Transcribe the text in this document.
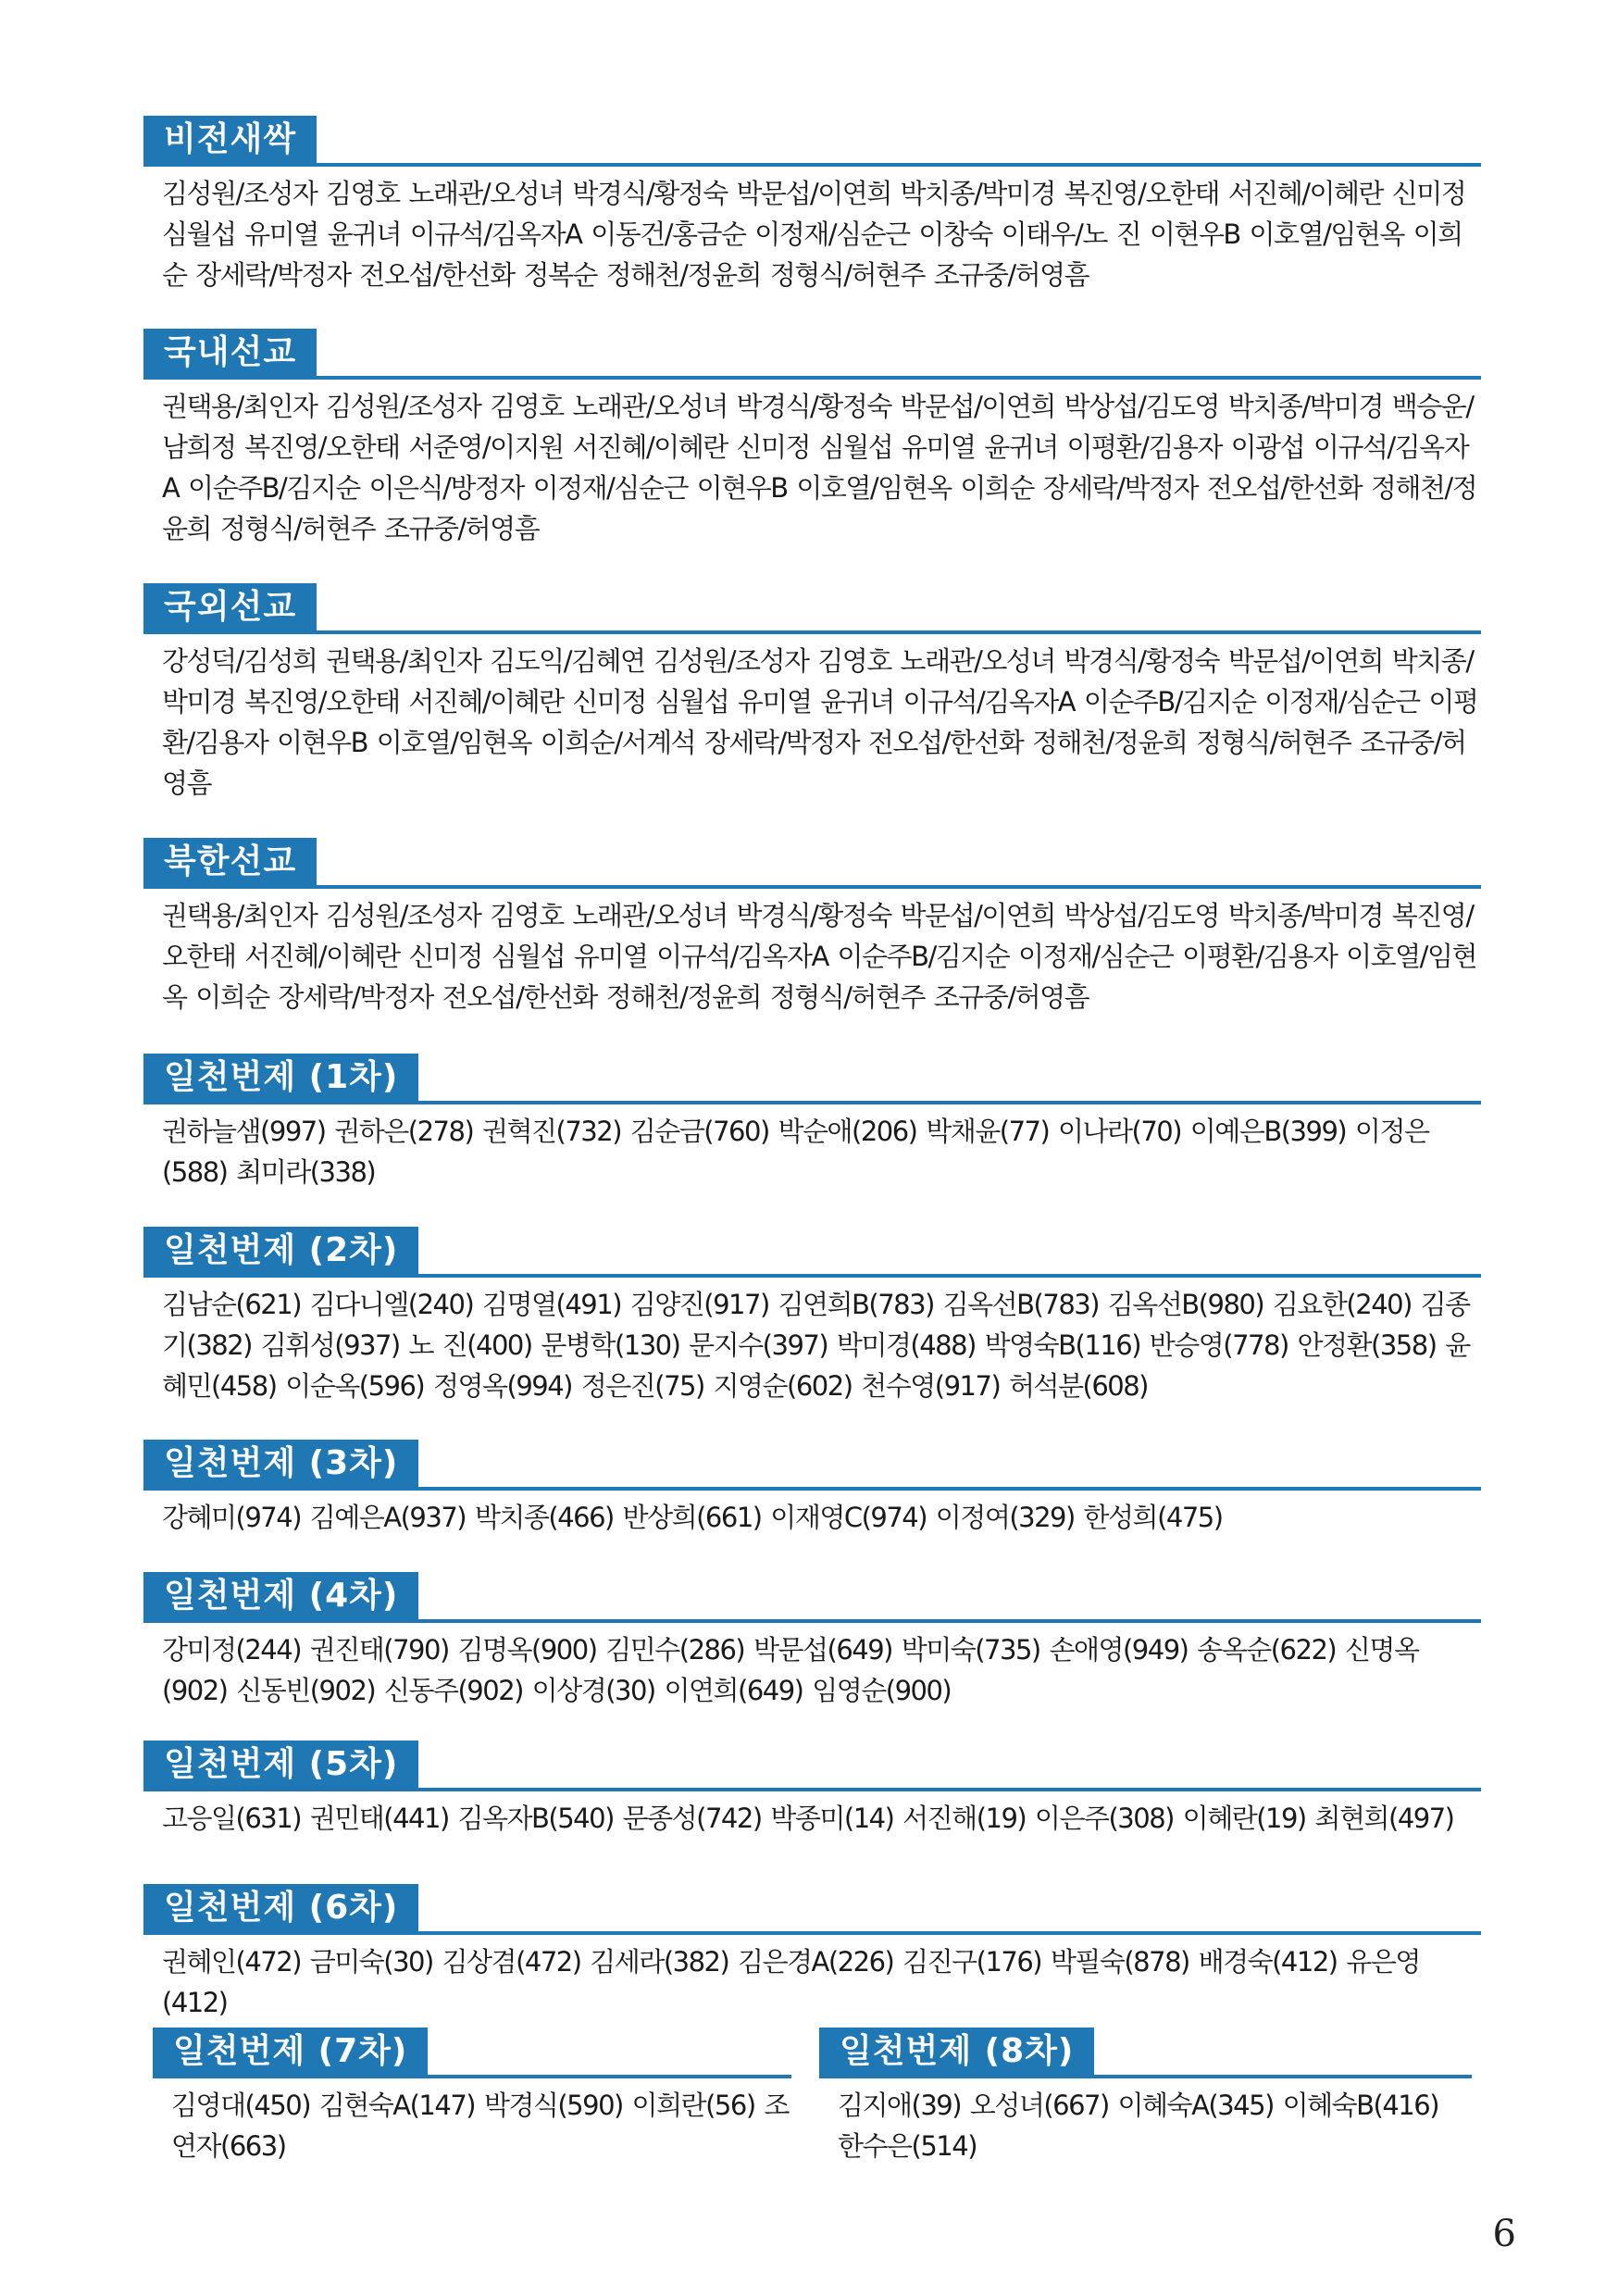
비전새싹
김성원/조성자 김영호 노래관/오성녀 박경식/황정숙 박문섭/이연희 박치종/박미경 복진영/오한태 서진혜/이혜란 신미정 심월섭 유미열 윤귀녀 이규석/김옥자A 이동건/홍금순 이정재/심순근 이창숙 이태우/노 진 이현우B 이호열/임현옥 이희순 장세락/박정자 전오섭/한선화 정복순 정해천/정윤희 정형식/허현주 조규중/허영흠
국내선교
권택용/최인자 김성원/조성자 김영호 노래관/오성녀 박경식/황정숙 박문섭/이연희 박상섭/김도영 박치종/박미경 백승운/남희정 복진영/오한태 서준영/이지원 서진혜/이혜란 신미정 심월섭 유미열 윤귀녀 이평환/김용자 이광섭 이규석/김옥자A 이순주B/김지순 이은식/방정자 이정재/심순근 이현우B 이호열/임현옥 이희순 장세락/박정자 전오섭/한선화 정해천/정윤희 정형식/허현주 조규중/허영흠
국외선교
강성덕/김성희 권택용/최인자 김도익/김혜연 김성원/조성자 김영호 노래관/오성녀 박경식/황정숙 박문섭/이연희 박치종/박미경 복진영/오한태 서진혜/이혜란 신미정 심월섭 유미열 윤귀녀 이규석/김옥자A 이순주B/김지순 이정재/심순근 이평환/김용자 이현우B 이호열/임현옥 이희순/서계석 장세락/박정자 전오섭/한선화 정해천/정윤희 정형식/허현주 조규중/허영흠
북한선교
권택용/최인자 김성원/조성자 김영호 노래관/오성녀 박경식/황정숙 박문섭/이연희 박상섭/김도영 박치종/박미경 복진영/오한태 서진혜/이혜란 신미정 심월섭 유미열 이규석/김옥자A 이순주B/김지순 이정재/심순근 이평환/김용자 이호열/임현옥 이희순 장세락/박정자 전오섭/한선화 정해천/정윤희 정형식/허현주 조규중/허영흠
일천번제 (1차)
권하늘샘(997) 권하은(278) 권혁진(732) 김순금(760) 박순애(206) 박채윤(77) 이나라(70) 이예은B(399) 이정은(588) 최미라(338)
일천번제 (2차)
김남순(621) 김다니엘(240) 김명열(491) 김양진(917) 김연희B(783) 김옥선B(783) 김옥선B(980) 김요한(240) 김종기(382) 김휘성(937) 노 진(400) 문병학(130) 문지수(397) 박미경(488) 박영숙B(116) 반승영(778) 안정환(358) 윤혜민(458) 이순옥(596) 정영옥(994) 정은진(75) 지영순(602) 천수영(917) 허석분(608)
일천번제 (3차)
강혜미(974) 김예은A(937) 박치종(466) 반상희(661) 이재영C(974) 이정여(329) 한성희(475)
일천번제 (4차)
강미정(244) 권진태(790) 김명옥(900) 김민수(286) 박문섭(649) 박미숙(735) 손애영(949) 송옥순(622) 신명옥(902) 신동빈(902) 신동주(902) 이상경(30) 이연희(649) 임영순(900)
일천번제 (5차)
고응일(631) 권민태(441) 김옥자B(540) 문종성(742) 박종미(14) 서진해(19) 이은주(308) 이혜란(19) 최현희(497)
일천번제 (6차)
권혜인(472) 금미숙(30) 김상겸(472) 김세라(382) 김은경A(226) 김진구(176) 박필숙(878) 배경숙(412) 유은영(412)
일천번제 (7차)
김영대(450) 김현숙A(147) 박경식(590) 이희란(56) 조연자(663)
일천번제 (8차)
김지애(39) 오성녀(667) 이혜숙A(345) 이혜숙B(416) 한수은(514)
6
